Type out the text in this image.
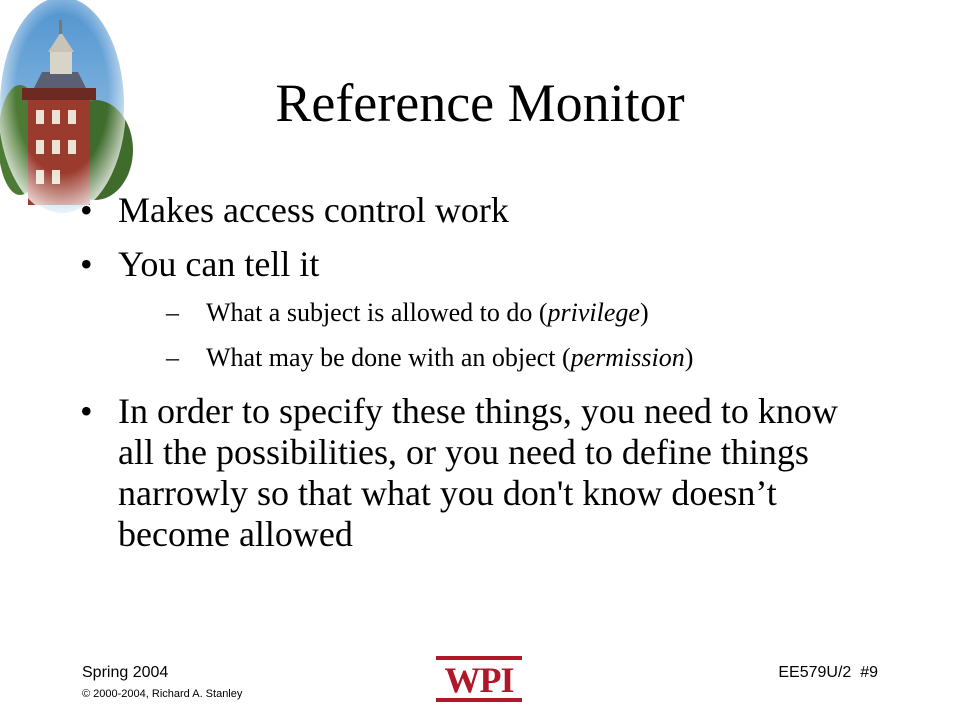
Reference Monitor
• Makes access control work
• You can tell it
– What a subject is allowed to do (privilege)
– What may be done with an object (permission)
• In order to specify these things, you need to know all the possibilities, or you need to define things narrowly so that what you don't know doesn’t become allowed
Spring 2004
© 2000-2004, Richard A. Stanley
EE579U/2  #9
WPI
